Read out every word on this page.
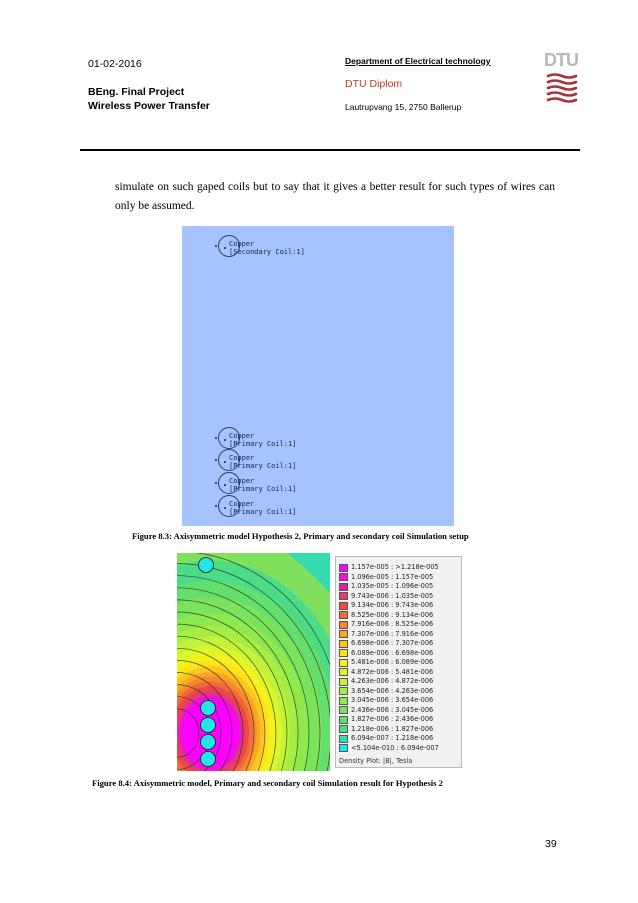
01-02-2016
BEng. Final Project
Wireless Power Transfer
Department of Electrical technology
DTU Diplom
Lautrupvang 15, 2750 Ballerup
DTU
simulate on such gaped coils but to say that it gives a better result for such types of wires can only be assumed.
Copper
[Secondary Coil:1]
Copper
[Primary Coil:1]
Copper
[Primary Coil:1]
Copper
[Primary Coil:1]
Copper
[Primary Coil:1]
Figure 8.3: Axisymmetric model Hypothesis 2, Primary and secondary coil Simulation setup
1.157e-005 : >1.218e-005
1.096e-005 : 1.157e-005
1.035e-005 : 1.096e-005
9.743e-006 : 1.035e-005
9.134e-006 : 9.743e-006
8.525e-006 : 9.134e-006
7.916e-006 : 8.525e-006
7.307e-006 : 7.916e-006
6.698e-006 : 7.307e-006
6.089e-006 : 6.698e-006
5.481e-006 : 6.089e-006
4.872e-006 : 5.481e-006
4.263e-006 : 4.872e-006
3.654e-006 : 4.263e-006
3.045e-006 : 3.654e-006
2.436e-006 : 3.045e-006
1.827e-006 : 2.436e-006
1.218e-006 : 1.827e-006
6.094e-007 : 1.218e-006
<5.104e-010 : 6.094e-007
Density Plot: |B|, Tesla
Figure 8.4: Axisymmetric model, Primary and secondary coil Simulation result for Hypothesis 2
39
